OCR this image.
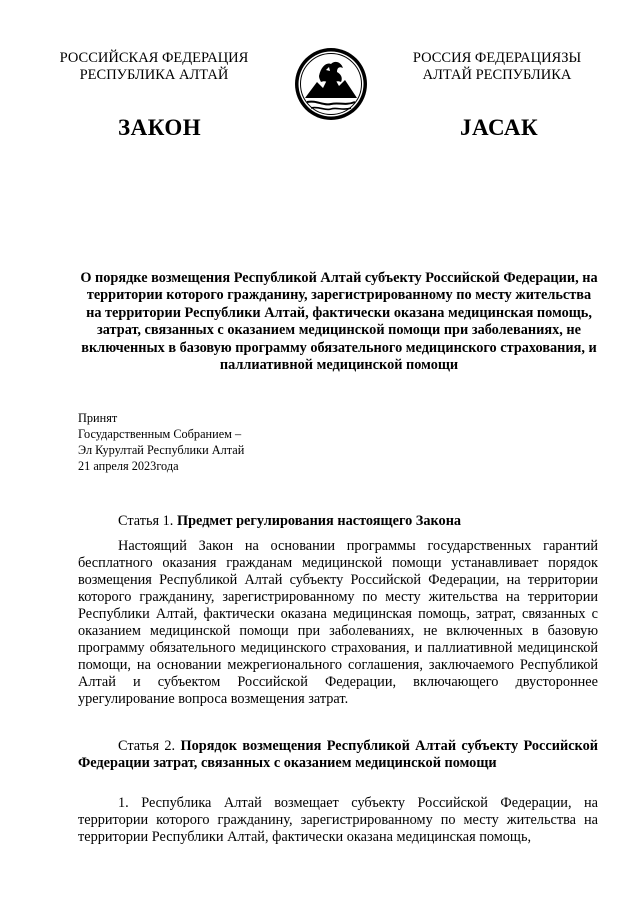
РОССИЙСКАЯ ФЕДЕРАЦИЯ
РЕСПУБЛИКА АЛТАЙ
РОССИЯ ФЕДЕРАЦИЯЗЫ
АЛТАЙ РЕСПУБЛИКА
ЗАКОН	JАСАК
О порядке возмещения Республикой Алтай субъекту Российской Федерации, на территории которого гражданину, зарегистрированному по месту жительства на территории Республики Алтай, фактически оказана медицинская помощь, затрат, связанных с оказанием медицинской помощи при заболеваниях, не включенных в базовую программу обязательного медицинского страхования, и паллиативной медицинской помощи
Принят
Государственным Собранием –
Эл Курултай Республики Алтай
21 апреля 2023года
Статья 1. Предмет регулирования настоящего Закона
Настоящий Закон на основании программы государственных гарантий бесплатного оказания гражданам медицинской помощи устанавливает порядок возмещения Республикой Алтай субъекту Российской Федерации, на территории которого гражданину, зарегистрированному по месту жительства на территории Республики Алтай, фактически оказана медицинская помощь, затрат, связанных с оказанием медицинской помощи при заболеваниях, не включенных в базовую программу обязательного медицинского страхования, и паллиативной медицинской помощи, на основании межрегионального соглашения, заключаемого Республикой Алтай и субъектом Российской Федерации, включающего двустороннее урегулирование вопроса возмещения затрат.
Статья 2. Порядок возмещения Республикой Алтай субъекту Российской Федерации затрат, связанных с оказанием медицинской помощи
1. Республика Алтай возмещает субъекту Российской Федерации, на территории которого гражданину, зарегистрированному по месту жительства на территории Республики Алтай, фактически оказана медицинская помощь,
